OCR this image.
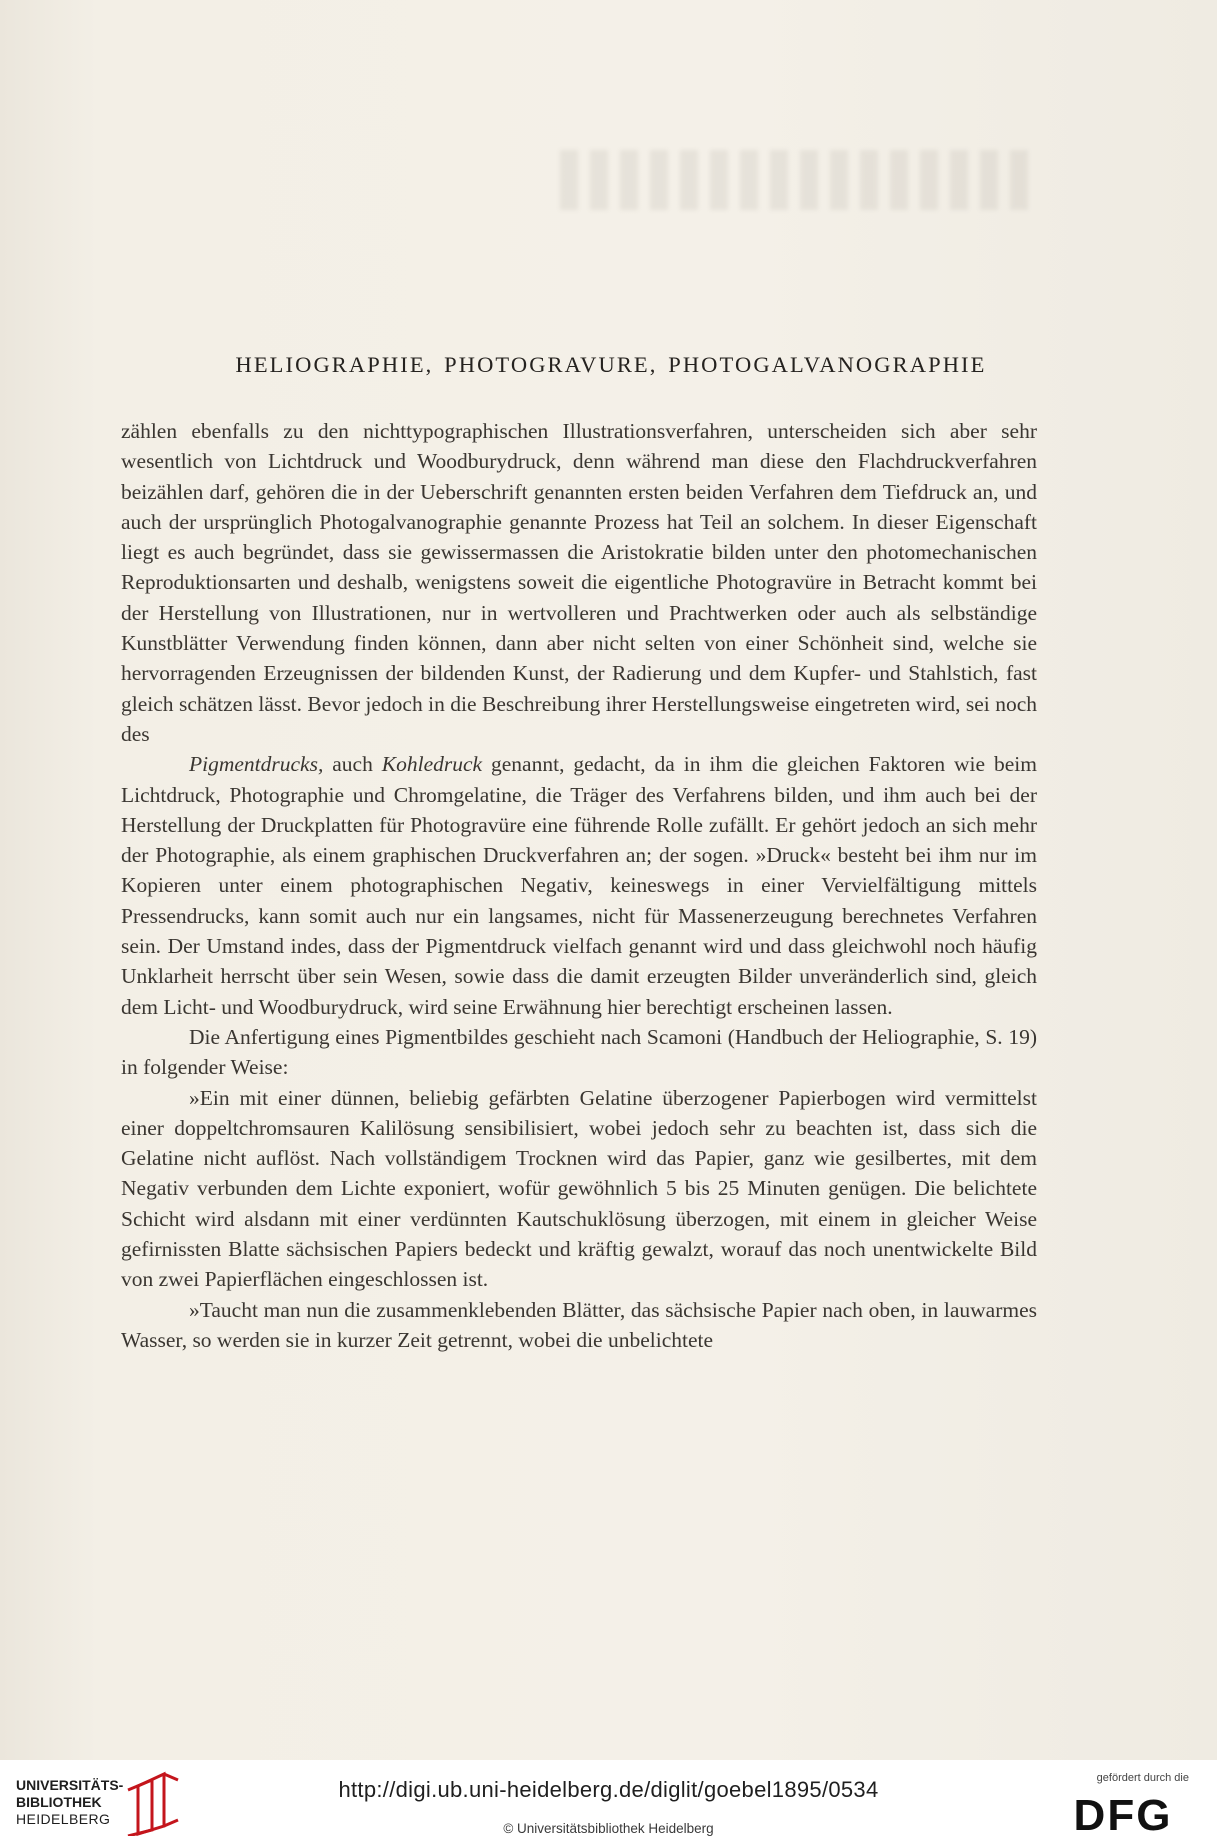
HELIOGRAPHIE, PHOTOGRAVURE, PHOTOGALVANOGRAPHIE

zählen ebenfalls zu den nichttypographischen Illustrationsverfahren, unterscheiden sich aber sehr wesentlich von Lichtdruck und Woodburydruck, denn während man diese den Flachdruckverfahren beizählen darf, gehören die in der Ueberschrift genannten ersten beiden Verfahren dem Tiefdruck an, und auch der ursprünglich Photogalvanographie genannte Prozess hat Teil an solchem. In dieser Eigenschaft liegt es auch begründet, dass sie gewissermassen die Aristokratie bilden unter den photomechanischen Reproduktionsarten und deshalb, wenigstens soweit die eigentliche Photogravüre in Betracht kommt bei der Herstellung von Illustrationen, nur in wertvolleren und Prachtwerken oder auch als selbständige Kunstblätter Verwendung finden können, dann aber nicht selten von einer Schönheit sind, welche sie hervorragenden Erzeugnissen der bildenden Kunst, der Radierung und dem Kupfer- und Stahlstich, fast gleich schätzen lässt. Bevor jedoch in die Beschreibung ihrer Herstellungsweise eingetreten wird, sei noch des

Pigmentdrucks, auch Kohledruck genannt, gedacht, da in ihm die gleichen Faktoren wie beim Lichtdruck, Photographie und Chromgelatine, die Träger des Verfahrens bilden, und ihm auch bei der Herstellung der Druckplatten für Photogravüre eine führende Rolle zufällt. Er gehört jedoch an sich mehr der Photographie, als einem graphischen Druckverfahren an; der sogen. »Druck« besteht bei ihm nur im Kopieren unter einem photographischen Negativ, keineswegs in einer Vervielfältigung mittels Pressendrucks, kann somit auch nur ein langsames, nicht für Massenerzeugung berechnetes Verfahren sein. Der Umstand indes, dass der Pigmentdruck vielfach genannt wird und dass gleichwohl noch häufig Unklarheit herrscht über sein Wesen, sowie dass die damit erzeugten Bilder unveränderlich sind, gleich dem Licht- und Woodburydruck, wird seine Erwähnung hier berechtigt erscheinen lassen.

Die Anfertigung eines Pigmentbildes geschieht nach Scamoni (Handbuch der Heliographie, S. 19) in folgender Weise:

»Ein mit einer dünnen, beliebig gefärbten Gelatine überzogener Papierbogen wird vermittelst einer doppeltchromsauren Kalilösung sensibilisiert, wobei jedoch sehr zu beachten ist, dass sich die Gelatine nicht auflöst. Nach vollständigem Trocknen wird das Papier, ganz wie gesilbertes, mit dem Negativ verbunden dem Lichte exponiert, wofür gewöhnlich 5 bis 25 Minuten genügen. Die belichtete Schicht wird alsdann mit einer verdünnten Kautschuklösung überzogen, mit einem in gleicher Weise gefirnissten Blatte sächsischen Papiers bedeckt und kräftig gewalzt, worauf das noch unentwickelte Bild von zwei Papierflächen eingeschlossen ist.

»Taucht man nun die zusammenklebenden Blätter, das sächsische Papier nach oben, in lauwarmes Wasser, so werden sie in kurzer Zeit getrennt, wobei die unbelichtete

UNIVERSITÄTS-
BIBLIOTHEK
HEIDELBERG
http://digi.ub.uni-heidelberg.de/diglit/goebel1895/0534
© Universitätsbibliothek Heidelberg
gefördert durch die
DFG
